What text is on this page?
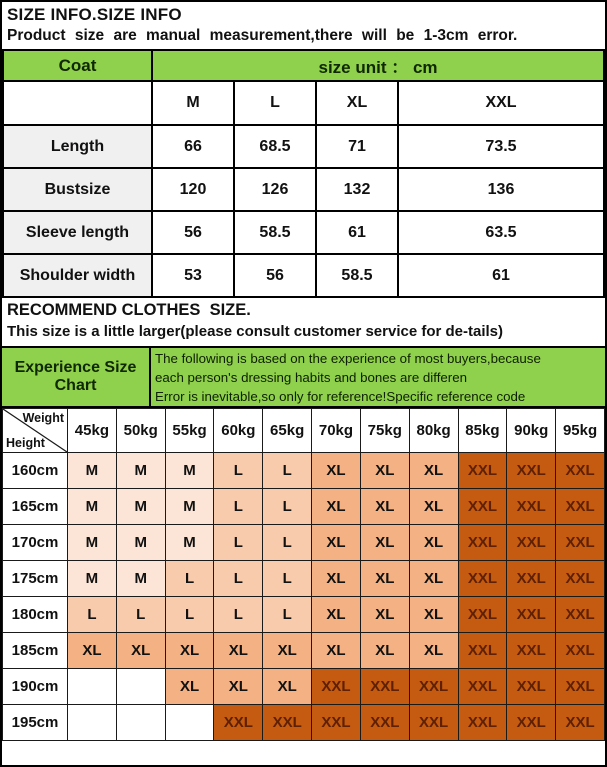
SIZE INFO.SIZE INFO
Product size are manual measurement,there will be 1-3cm error.
Coat	size unit ： cm			
	M	L	XL	XXL
Length	66	68.5	71	73.5
Bustsize	120	126	132	136
Sleeve length	56	58.5	61	63.5
Shoulder width	53	56	58.5	61
RECOMMEND CLOTHES  SIZE.
This size is a little larger(please consult customer service for de-tails)
Experience Size Chart
The following is based on the experience of most buyers,because
each person's dressing habits and bones are differen
Error is inevitable,so only for reference!Specific reference code
Weight
Height	45kg	50kg	55kg	60kg	65kg	70kg	75kg	80kg	85kg	90kg	95kg
160cm	M	M	M	L	L	XL	XL	XL	XXL	XXL	XXL
165cm	M	M	M	L	L	XL	XL	XL	XXL	XXL	XXL
170cm	M	M	M	L	L	XL	XL	XL	XXL	XXL	XXL
175cm	M	M	L	L	L	XL	XL	XL	XXL	XXL	XXL
180cm	L	L	L	L	L	XL	XL	XL	XXL	XXL	XXL
185cm	XL	XL	XL	XL	XL	XL	XL	XL	XXL	XXL	XXL
190cm			XL	XL	XL	XXL	XXL	XXL	XXL	XXL	XXL
195cm				XXL	XXL	XXL	XXL	XXL	XXL	XXL	XXL
